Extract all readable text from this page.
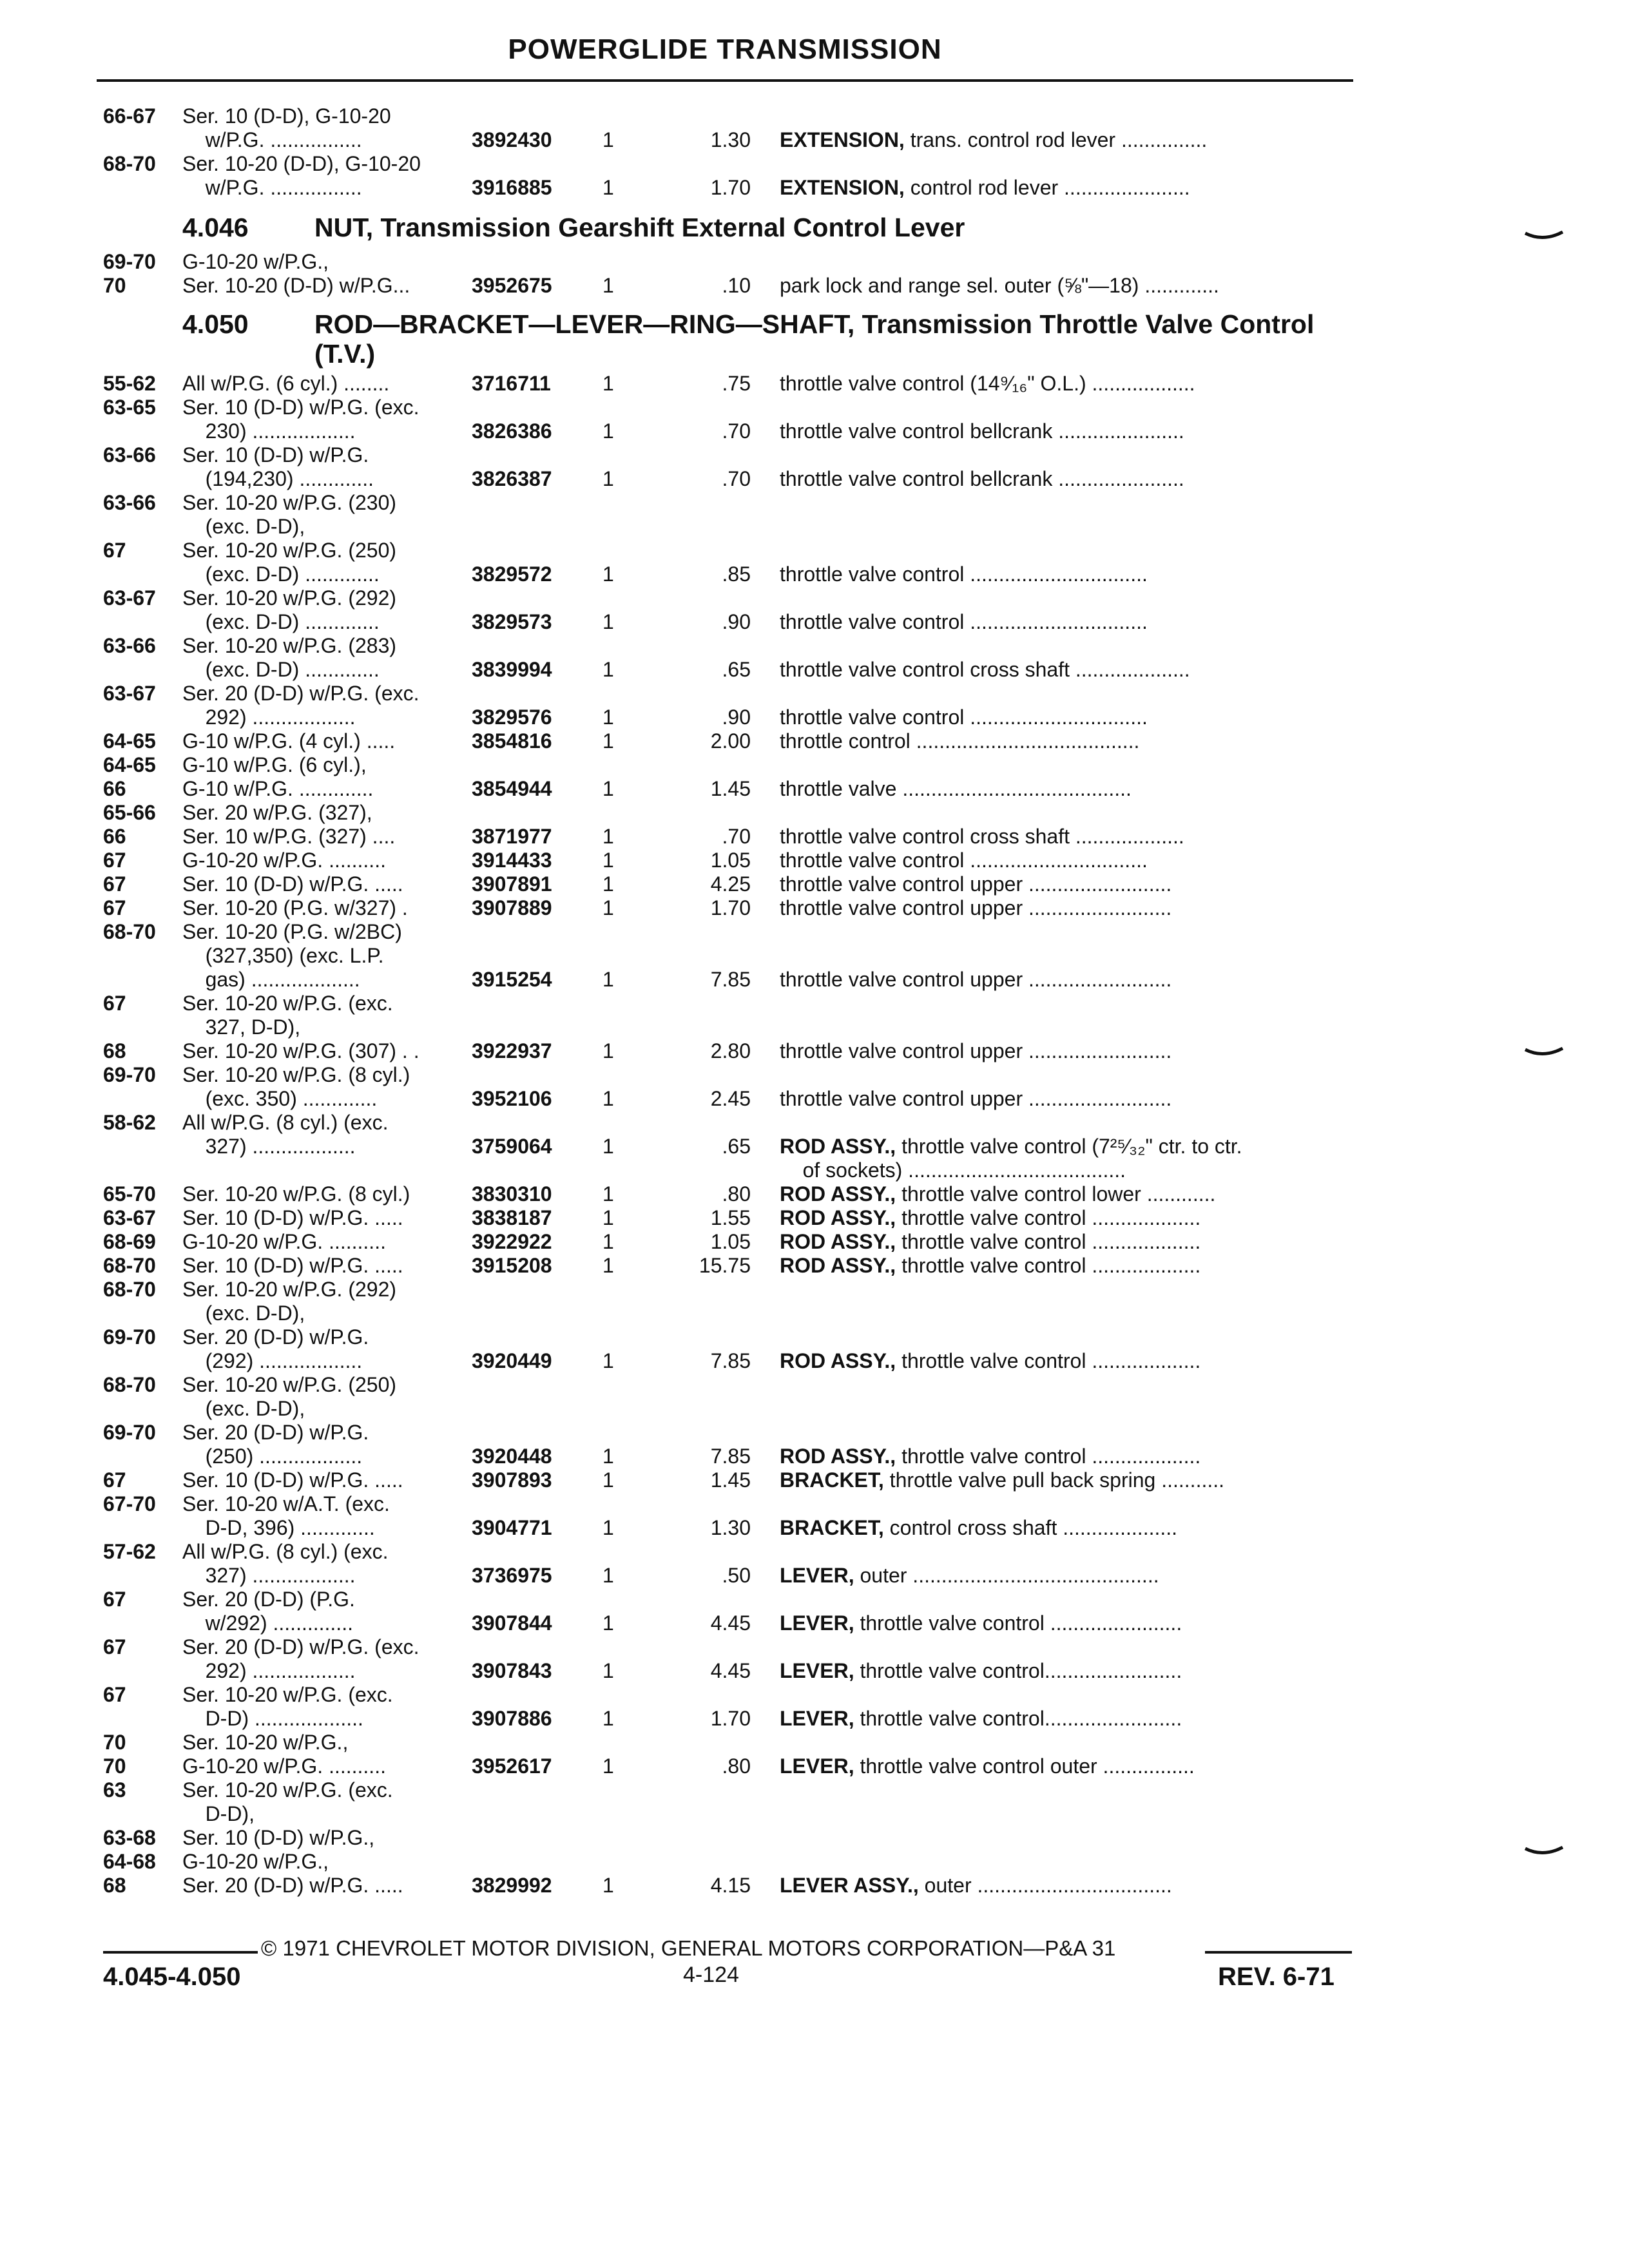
POWERGLIDE TRANSMISSION
66-67 Ser. 10 (D-D), G-10-20
w/P.G. ................	3892430 1	1.30 EXTENSION, trans. control rod lever ...............
68-70 Ser. 10-20 (D-D), G-10-20
w/P.G. ................	3916885 1	1.70 EXTENSION, control rod lever ......................
4.046 NUT, Transmission Gearshift External Control Lever
69-70 G-10-20 w/P.G.,
70	Ser. 10-20 (D-D) w/P.G...	3952675 1	.10 park lock and range sel. outer (⅝"—18) .............
4.050 ROD—BRACKET—LEVER—RING—SHAFT, Transmission Throttle Valve Control (T.V.)
55-62 All w/P.G. (6 cyl.) ........	3716711	1	.75 throttle valve control (14⁹⁄₁₆" O.L.) ..................
63-65 Ser. 10 (D-D) w/P.G. (exc.
230) ..................	3826386 1	.70 throttle valve control bellcrank ......................
63-66 Ser. 10 (D-D) w/P.G.
(194,230) .............	3826387 1	.70 throttle valve control bellcrank ......................
63-66 Ser. 10-20 w/P.G. (230)
(exc. D-D),
67	Ser. 10-20 w/P.G. (250)
(exc. D-D) .............	3829572 1	.85 throttle valve control ...............................
63-67 Ser. 10-20 w/P.G. (292)
(exc. D-D) .............	3829573 1	.90 throttle valve control ...............................
63-66 Ser. 10-20 w/P.G. (283)
(exc. D-D) .............	3839994 1	.65 throttle valve control cross shaft ....................
63-67 Ser. 20 (D-D) w/P.G. (exc.
292) ..................	3829576 1	.90 throttle valve control ...............................
64-65 G-10 w/P.G. (4 cyl.) .....	3854816 1	2.00 throttle control .......................................
64-65 G-10 w/P.G. (6 cyl.),
66	G-10 w/P.G. .............	3854944 1	1.45 throttle valve ........................................
65-66 Ser. 20 w/P.G. (327),
66	Ser. 10 w/P.G. (327) ....	3871977 1	.70 throttle valve control cross shaft ...................
67	G-10-20 w/P.G. ..........	3914433 1	1.05 throttle valve control ...............................
67	Ser. 10 (D-D) w/P.G. .....	3907891 1	4.25 throttle valve control upper .........................
67	Ser. 10-20 (P.G. w/327) .	3907889 1	1.70 throttle valve control upper .........................
68-70 Ser. 10-20 (P.G. w/2BC)
(327,350) (exc. L.P.
gas) ...................	3915254 1	7.85 throttle valve control upper .........................
67	Ser. 10-20 w/P.G. (exc.
327, D-D),
68	Ser. 10-20 w/P.G. (307) . .	3922937 1	2.80 throttle valve control upper .........................
69-70 Ser. 10-20 w/P.G. (8 cyl.)
(exc. 350) .............	3952106 1	2.45 throttle valve control upper .........................
58-62 All w/P.G. (8 cyl.) (exc.
327) ..................	3759064 1	.65 ROD ASSY., throttle valve control (7²⁵⁄₃₂" ctr. to ctr.
of sockets) ......................................
65-70 Ser. 10-20 w/P.G. (8 cyl.)	3830310 1	.80 ROD ASSY., throttle valve control lower ............
63-67 Ser. 10 (D-D) w/P.G. .....	3838187 1	1.55 ROD ASSY., throttle valve control ...................
68-69 G-10-20 w/P.G. ..........	3922922 1	1.05 ROD ASSY., throttle valve control ...................
68-70 Ser. 10 (D-D) w/P.G. .....	3915208 1	15.75 ROD ASSY., throttle valve control ...................
68-70 Ser. 10-20 w/P.G. (292)
(exc. D-D),
69-70 Ser. 20 (D-D) w/P.G.
(292) ..................	3920449 1	7.85 ROD ASSY., throttle valve control ...................
68-70 Ser. 10-20 w/P.G. (250)
(exc. D-D),
69-70 Ser. 20 (D-D) w/P.G.
(250) ..................	3920448 1	7.85 ROD ASSY., throttle valve control ...................
67	Ser. 10 (D-D) w/P.G. .....	3907893 1	1.45 BRACKET, throttle valve pull back spring ...........
67-70 Ser. 10-20 w/A.T. (exc.
D-D, 396) .............	3904771 1	1.30 BRACKET, control cross shaft ....................
57-62 All w/P.G. (8 cyl.) (exc.
327) ..................	3736975 1	.50 LEVER, outer ...........................................
67	Ser. 20 (D-D) (P.G.
w/292) ..............	3907844 1	4.45 LEVER, throttle valve control .......................
67	Ser. 20 (D-D) w/P.G. (exc.
292) ..................	3907843 1	4.45 LEVER, throttle valve control........................
67	Ser. 10-20 w/P.G. (exc.
D-D) ...................	3907886 1	1.70 LEVER, throttle valve control........................
70	Ser. 10-20 w/P.G.,
70	G-10-20 w/P.G. ..........	3952617 1	.80 LEVER, throttle valve control outer ................
63	Ser. 10-20 w/P.G. (exc.
D-D),
63-68 Ser. 10 (D-D) w/P.G.,
64-68 G-10-20 w/P.G.,
68	Ser. 20 (D-D) w/P.G. .....	3829992 1	4.15 LEVER ASSY., outer ..................................
© 1971 CHEVROLET MOTOR DIVISION, GENERAL MOTORS CORPORATION—P&A 31
4.045-4.050	4-124	REV. 6-71
